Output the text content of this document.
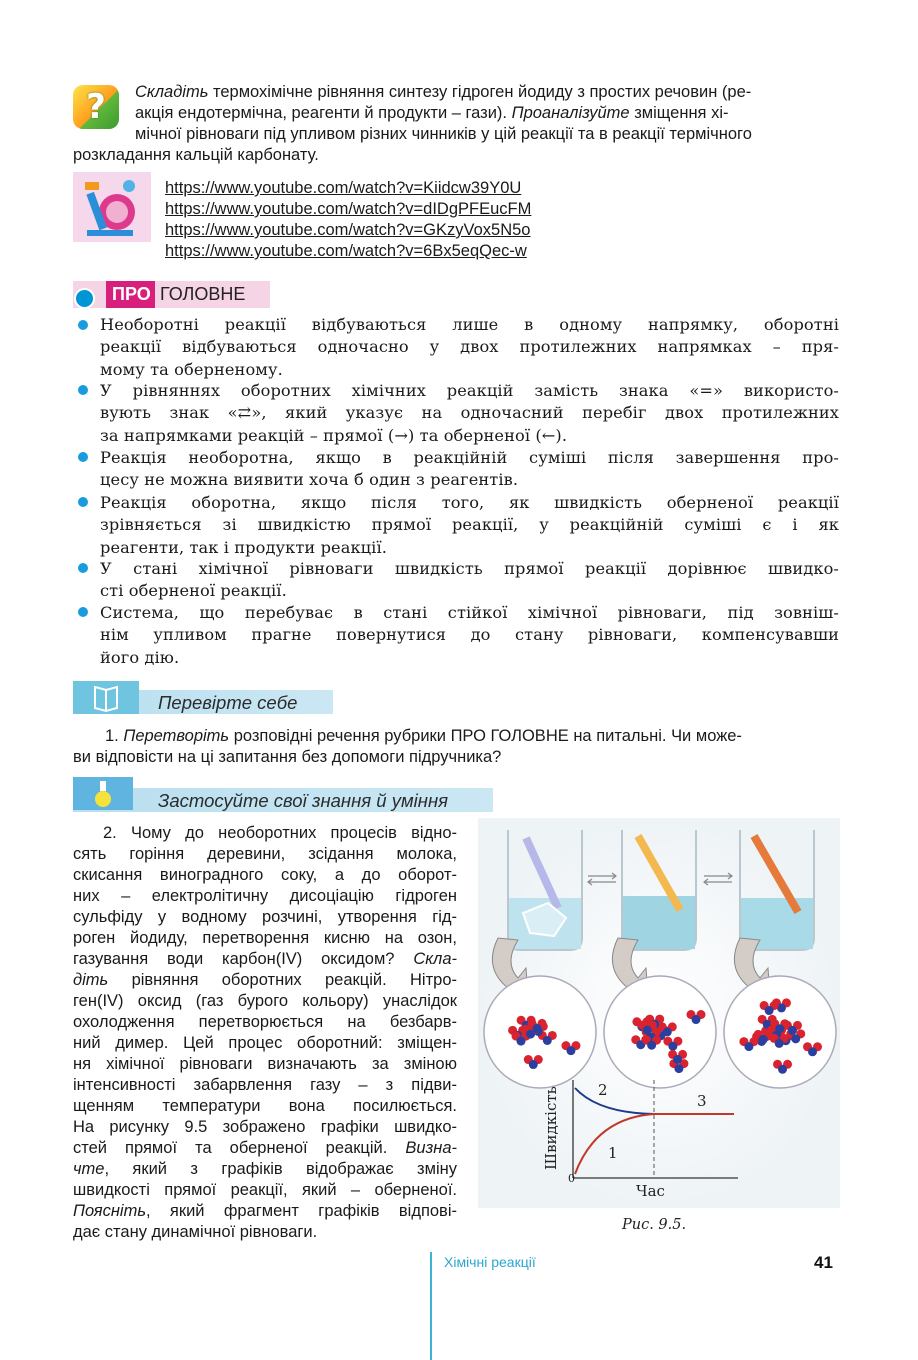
?	Складіть термохімічне рівняння синтезу гідроген йодиду з простих речовин (ре-
акція ендотермічна, реагенти й продукти – гази). Проаналізуйте зміщення хі-
мічної рівноваги під упливом різних чинників у цій реакції та в реакції термічного
розкладання кальцій карбонату.
https://www.youtube.com/watch?v=Kiidcw39Y0U
https://www.youtube.com/watch?v=dIDgPFEucFM
https://www.youtube.com/watch?v=GKzyVox5N5o
https://www.youtube.com/watch?v=6Bx5eqQec-w
ПРО ГОЛОВНЕ
Необоротні реакції відбуваються лише в одному напрямку, оборотні
реакції відбуваються одночасно у двох протилежних напрямках – пря-
мому та оберненому.
У рівняннях оборотних хімічних реакцій замість знака «=» використо-
вують знак «⇄», який указує на одночасний перебіг двох протилежних
за напрямками реакцій – прямої (→) та оберненої (←).
Реакція необоротна, якщо в реакційній суміші після завершення про-
цесу не можна виявити хоча б один з реагентів.
Реакція оборотна, якщо після того, як швидкість оберненої реакції
зрівняється зі швидкістю прямої реакції, у реакційній суміші є і як
реагенти, так і продукти реакції.
У стані хімічної рівноваги швидкість прямої реакції дорівнює швидко-
сті оберненої реакції.
Система, що перебуває в стані стійкої хімічної рівноваги, під зовніш-
нім упливом прагне повернутися до стану рівноваги, компенсувавши
його дію.
Перевірте себе
1. Перетворіть розповідні речення рубрики ПРО ГОЛОВНЕ на питальні. Чи може-
ви відповісти на ці запитання без допомоги підручника?
Застосуйте свої знання й уміння
2. Чому до необоротних процесів відно-
сять горіння деревини, зсідання молока,
скисання виноградного соку, а до оборот-
них – електролітичну дисоціацію гідроген
сульфіду у водному розчині, утворення гід-
роген йодиду, перетворення кисню на озон,
газування води карбон(IV) оксидом? Скла-
діть рівняння оборотних реакцій. Нітро-
ген(IV) оксид (газ бурого кольору) унаслідок
охолодження перетворюється на безбарв-
ний димер. Цей процес оборотний: зміщен-
ня хімічної рівноваги визначають за зміною
інтенсивності забарвлення газу – з підви-
щенням температури вона посилюється.
На рисунку 9.5 зображено графіки швидко-
стей прямої та оберненої реакцій. Визна-
чте, який з графіків відображає зміну
швидкості прямої реакції, який – оберненої.
Поясніть, який фрагмент графіків відпові-
дає стану динамічної рівноваги.
Швидкість
Час
0
1
2
3
Рис. 9.5.
Хімічні реакції	41
